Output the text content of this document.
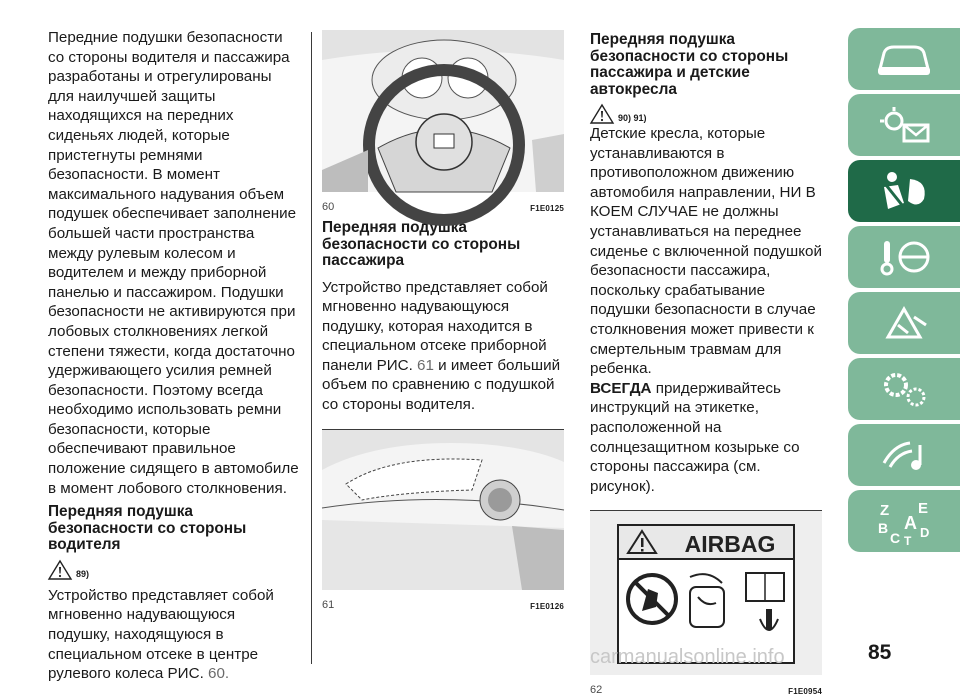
Передние подушки безопасности со стороны водителя и пассажира разработаны и отрегулированы для наилучшей защиты находящихся на передних сиденьях людей, которые пристегнуты ремнями безопасности. В момент максимального надувания объем подушек обеспечивает заполнение большей части пространства между рулевым колесом и водителем и между приборной панелью и пассажиром. Подушки безопасности не активируются при лобовых столкновениях легкой степени тяжести, когда достаточно удерживающего усилия ремней безопасности. Поэтому всегда необходимо использовать ремни безопасности, которые обеспечивают правильное положение сидящего в автомобиле в момент лобового столкновения.

Передняя подушка безопасности со стороны водителя
89)

Устройство представляет собой мгновенно надувающуюся подушку, находящуюся в специальном отсеке в центре рулевого колеса РИС. 60.

60	F1E0125
Передняя подушка безопасности со стороны пассажира

Устройство представляет собой мгновенно надувающуюся подушку, которая находится в специальном отсеке приборной панели РИС. 61 и имеет больший объем по сравнению с подушкой со стороны водителя.

61	F1E0126
Передняя подушка безопасности со стороны пассажира и детские автокресла
90) 91)

Детские кресла, которые устанавливаются в противоположном движению автомобиля направлении, НИ В КОЕМ СЛУЧАЕ не должны устанавливаться на переднее сиденье с включенной подушкой безопасности пассажира, поскольку срабатывание подушки безопасности в случае столкновения может привести к смертельным травмам для ребенка.

ВСЕГДА придерживайтесь инструкций на этикетке, расположенной на солнцезащитном козырьке со стороны пассажира (см. рисунок).

AIRBAG
62	F1E0954
Z E
A
B
C D
T
carmanualsonline.info	85
